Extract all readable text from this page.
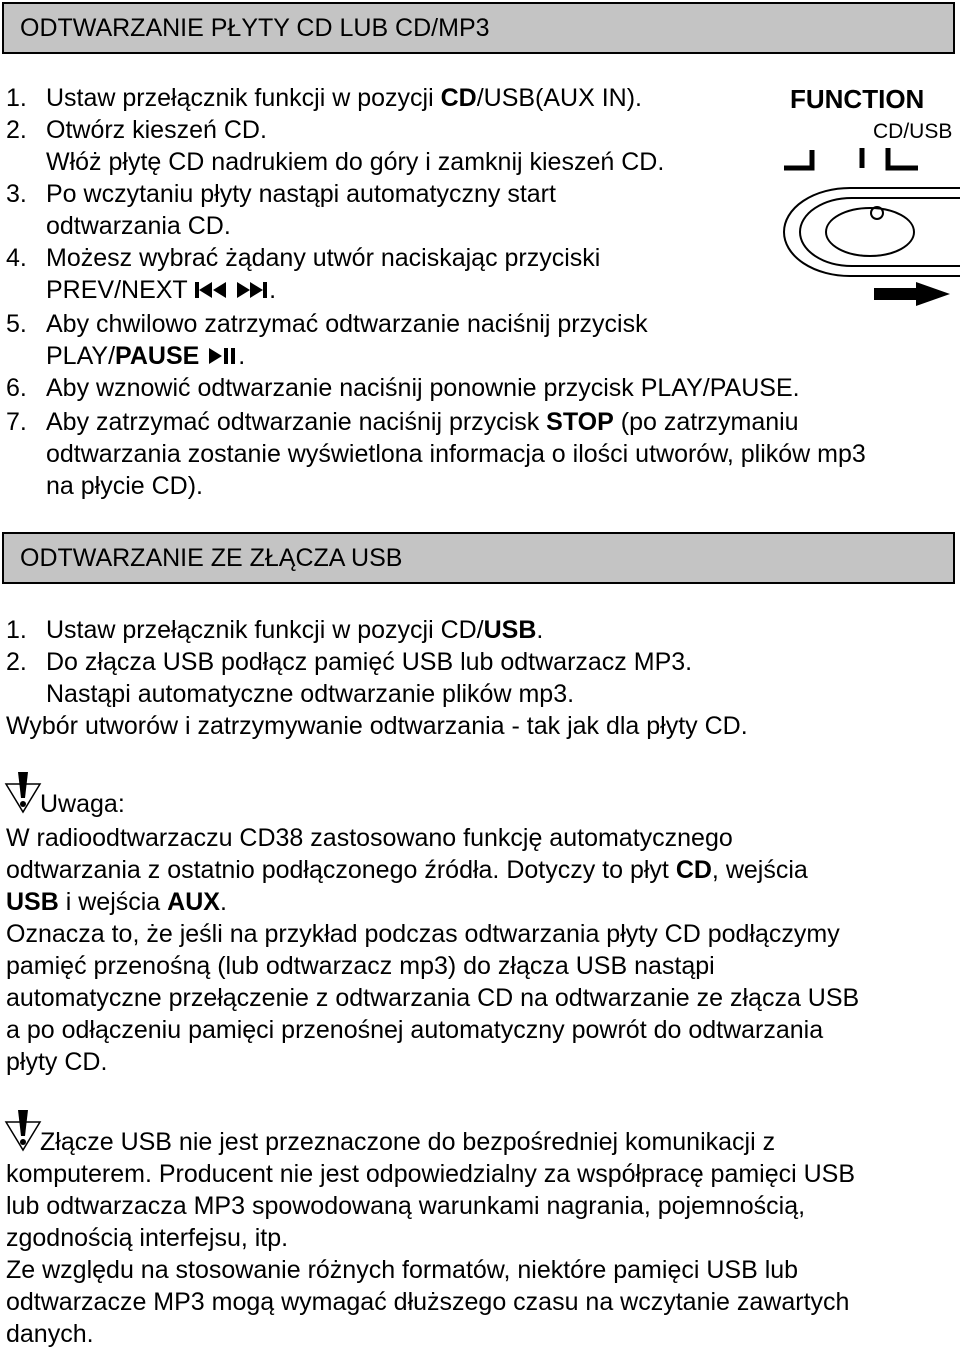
ODTWARZANIE PŁYTY CD LUB CD/MP3
FUNCTION
CD/USB
1. Ustaw przełącznik funkcji w pozycji CD/USB(AUX IN).
2. Otwórz kieszeń CD.
Włóż płytę CD nadrukiem do góry i zamknij kieszeń CD.
3. Po wczytaniu płyty nastąpi automatyczny start
odtwarzania CD.
4. Możesz wybrać żądany utwór naciskając przyciski
PREV/NEXT	.
5. Aby chwilowo zatrzymać odtwarzanie naciśnij przycisk
PLAY/PAUSE .
6. Aby wznowić odtwarzanie naciśnij ponownie przycisk PLAY/PAUSE.
7. Aby zatrzymać odtwarzanie naciśnij przycisk STOP (po zatrzymaniu
odtwarzania zostanie wyświetlona informacja o ilości utworów, plików mp3
na płycie CD).
ODTWARZANIE ZE ZŁĄCZA USB
1. Ustaw przełącznik funkcji w pozycji CD/USB.
2. Do złącza USB podłącz pamięć USB lub odtwarzacz MP3.
Nastąpi automatyczne odtwarzanie plików mp3.
Wybór utworów i zatrzymywanie odtwarzania - tak jak dla płyty CD.
Uwaga:
W radioodtwarzaczu CD38 zastosowano funkcję automatycznego
odtwarzania z ostatnio podłączonego źródła. Dotyczy to płyt CD, wejścia
USB i wejścia AUX.
Oznacza to, że jeśli na przykład podczas odtwarzania płyty CD podłączymy
pamięć przenośną (lub odtwarzacz mp3) do złącza USB nastąpi
automatyczne przełączenie z odtwarzania CD na odtwarzanie ze złącza USB
a po odłączeniu pamięci przenośnej automatyczny powrót do odtwarzania
płyty CD.
Złącze USB nie jest przeznaczone do bezpośredniej komunikacji z
komputerem. Producent nie jest odpowiedzialny za współpracę pamięci USB
lub odtwarzacza MP3 spowodowaną warunkami nagrania, pojemnością,
zgodnością interfejsu, itp.
Ze względu na stosowanie różnych formatów, niektóre pamięci USB lub
odtwarzacze MP3 mogą wymagać dłuższego czasu na wczytanie zawartych
danych.
